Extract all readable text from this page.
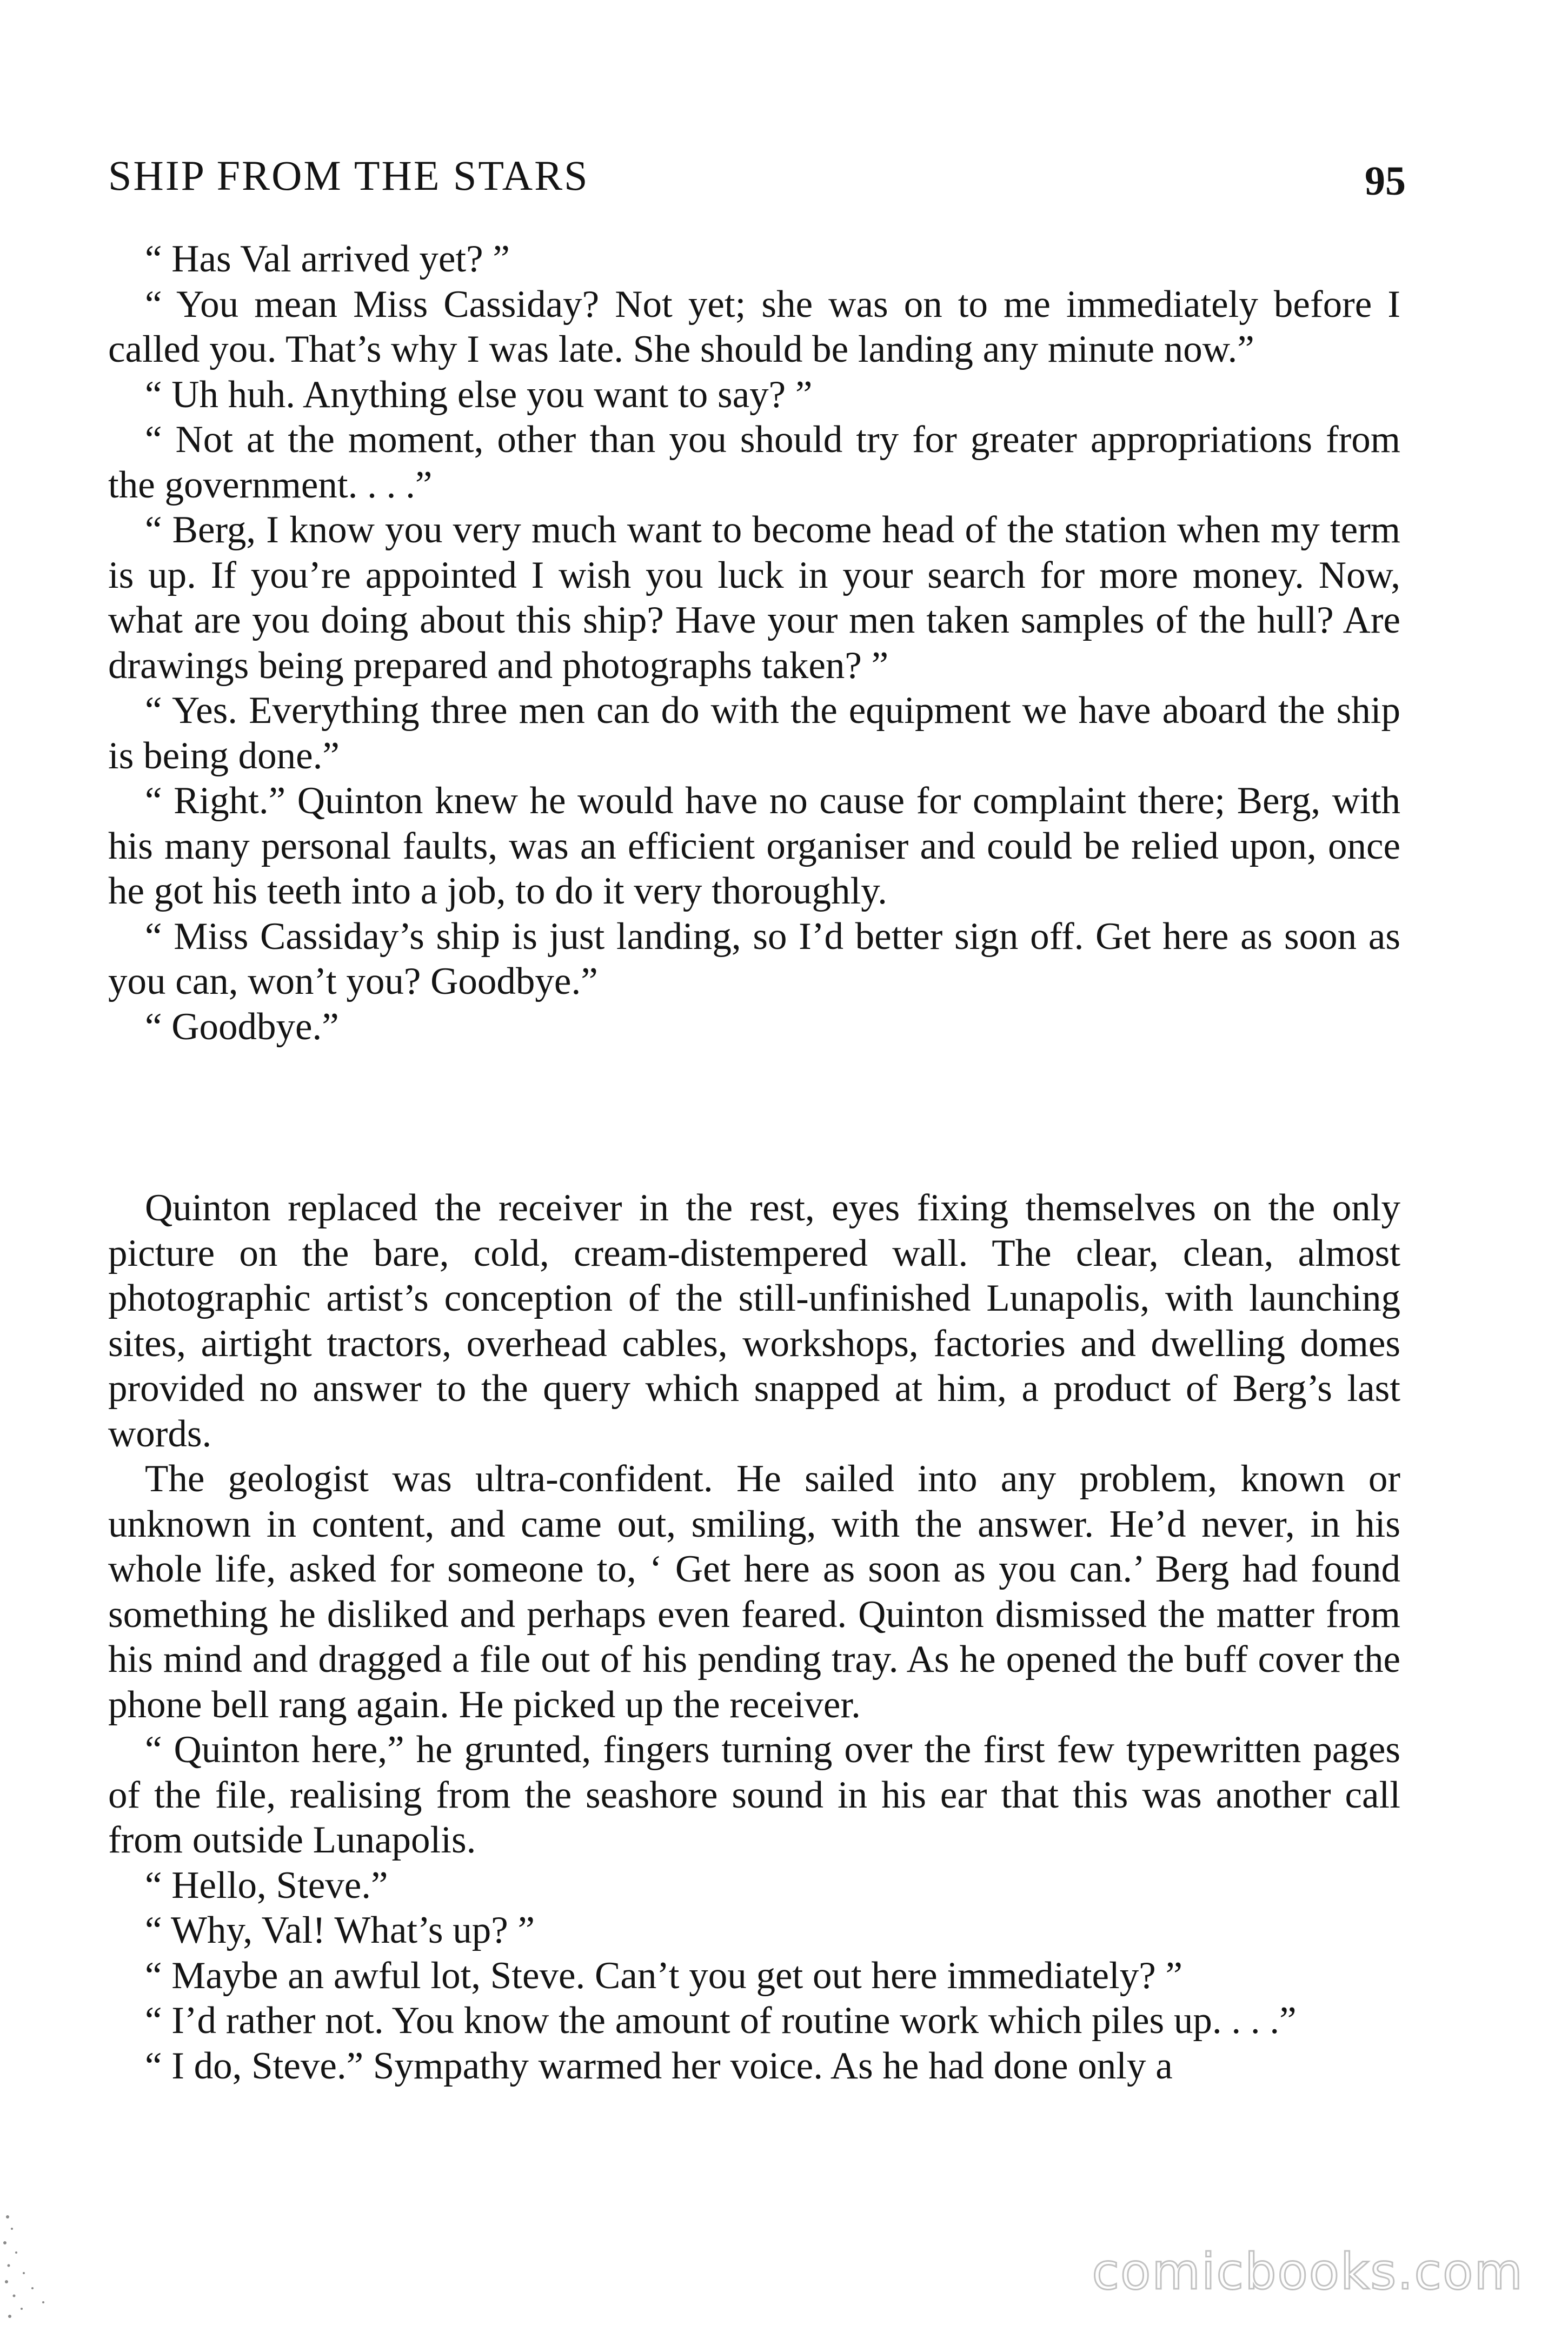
SHIP FROM THE STARS	95

“ Has Val arrived yet? ”

“ You mean Miss Cassiday? Not yet; she was on to me immediately before I called you. That’s why I was late. She should be landing any minute now.”

“ Uh huh. Anything else you want to say? ”

“ Not at the moment, other than you should try for greater appropriations from the government. . . .”

“ Berg, I know you very much want to become head of the station when my term is up. If you’re appointed I wish you luck in your search for more money. Now, what are you doing about this ship? Have your men taken samples of the hull? Are drawings being prepared and photographs taken? ”

“ Yes. Everything three men can do with the equipment we have aboard the ship is being done.”

“ Right.” Quinton knew he would have no cause for complaint there; Berg, with his many personal faults, was an efficient organiser and could be relied upon, once he got his teeth into a job, to do it very thoroughly.

“ Miss Cassiday’s ship is just landing, so I’d better sign off. Get here as soon as you can, won’t you? Goodbye.”

“ Goodbye.”

Quinton replaced the receiver in the rest, eyes fixing themselves on the only picture on the bare, cold, cream-distempered wall. The clear, clean, almost photographic artist’s conception of the still-unfinished Lunapolis, with launching sites, airtight tractors, overhead cables, workshops, factories and dwelling domes provided no answer to the query which snapped at him, a product of Berg’s last words.

The geologist was ultra-confident. He sailed into any problem, known or unknown in content, and came out, smiling, with the answer. He’d never, in his whole life, asked for someone to, ‘ Get here as soon as you can.’ Berg had found something he disliked and perhaps even feared. Quinton dismissed the matter from his mind and dragged a file out of his pending tray. As he opened the buff cover the phone bell rang again. He picked up the receiver.

“ Quinton here,” he grunted, fingers turning over the first few typewritten pages of the file, realising from the seashore sound in his ear that this was another call from outside Lunapolis.

“ Hello, Steve.”

“ Why, Val! What’s up? ”

“ Maybe an awful lot, Steve. Can’t you get out here immediately? ”

“ I’d rather not. You know the amount of routine work which piles up. . . .”

“ I do, Steve.” Sympathy warmed her voice. As he had done only a

comicbooks.com
